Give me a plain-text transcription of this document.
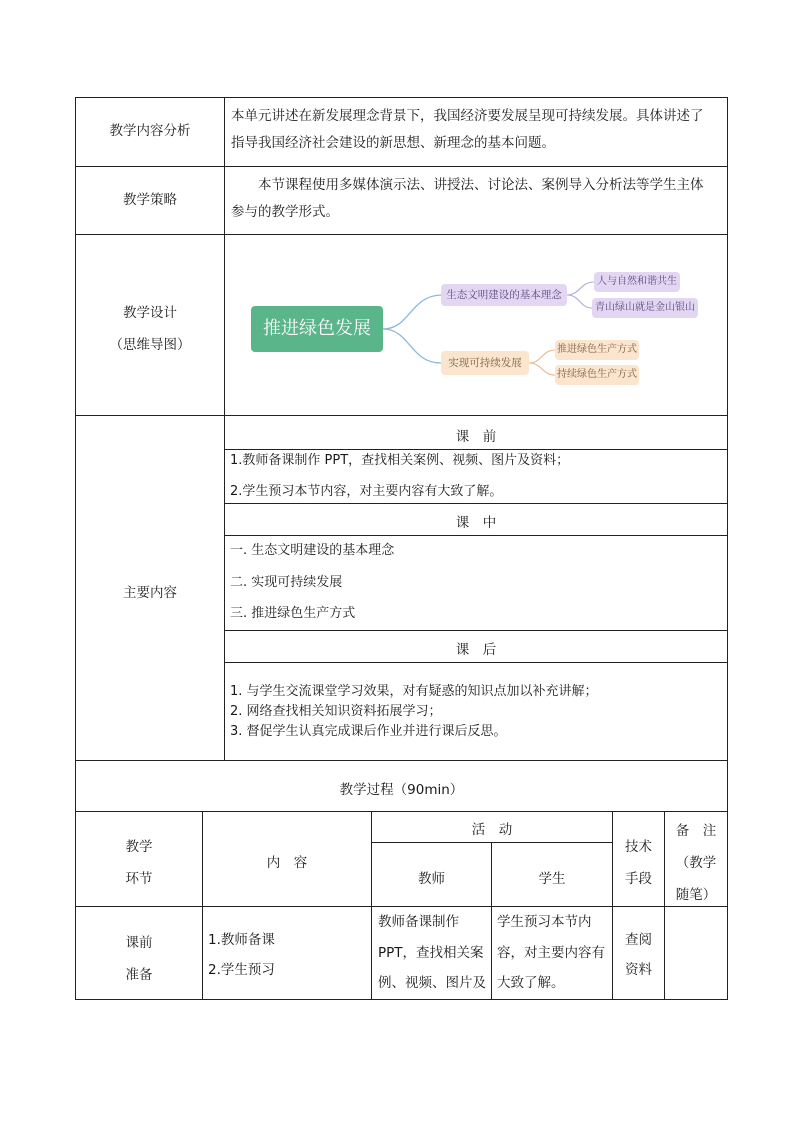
教学内容分析
本单元讲述在新发展理念背景下，我国经济要发展呈现可持续发展。具体讲述了
指导我国经济社会建设的新思想、新理念的基本问题。
教学策略
本节课程使用多媒体演示法、讲授法、讨论法、案例导入分析法等学生主体
参与的教学形式。
教学设计
（思维导图）
推进绿色发展
生态文明建设的基本理念
人与自然和谐共生
青山绿山就是金山银山
实现可持续发展
推进绿色生产方式
持续绿色生产方式
主要内容
课　前
1.教师备课制作 PPT，查找相关案例、视频、图片及资料；
2.学生预习本节内容，对主要内容有大致了解。
课　中
一. 生态文明建设的基本理念
二. 实现可持续发展
三. 推进绿色生产方式
课　后
1. 与学生交流课堂学习效果，对有疑惑的知识点加以补充讲解；
2. 网络查找相关知识资料拓展学习；
3. 督促学生认真完成课后作业并进行课后反思。
教学过程（90min）
教学
环节
内　容
活　动
教师	学生
技术
手段
备　注
（教学
随笔）
课前
准备
1.教师备课
2.学生预习
教师备课制作
PPT，查找相关案
例、视频、图片及
学生预习本节内
容，对主要内容有
大致了解。
查阅
资料
